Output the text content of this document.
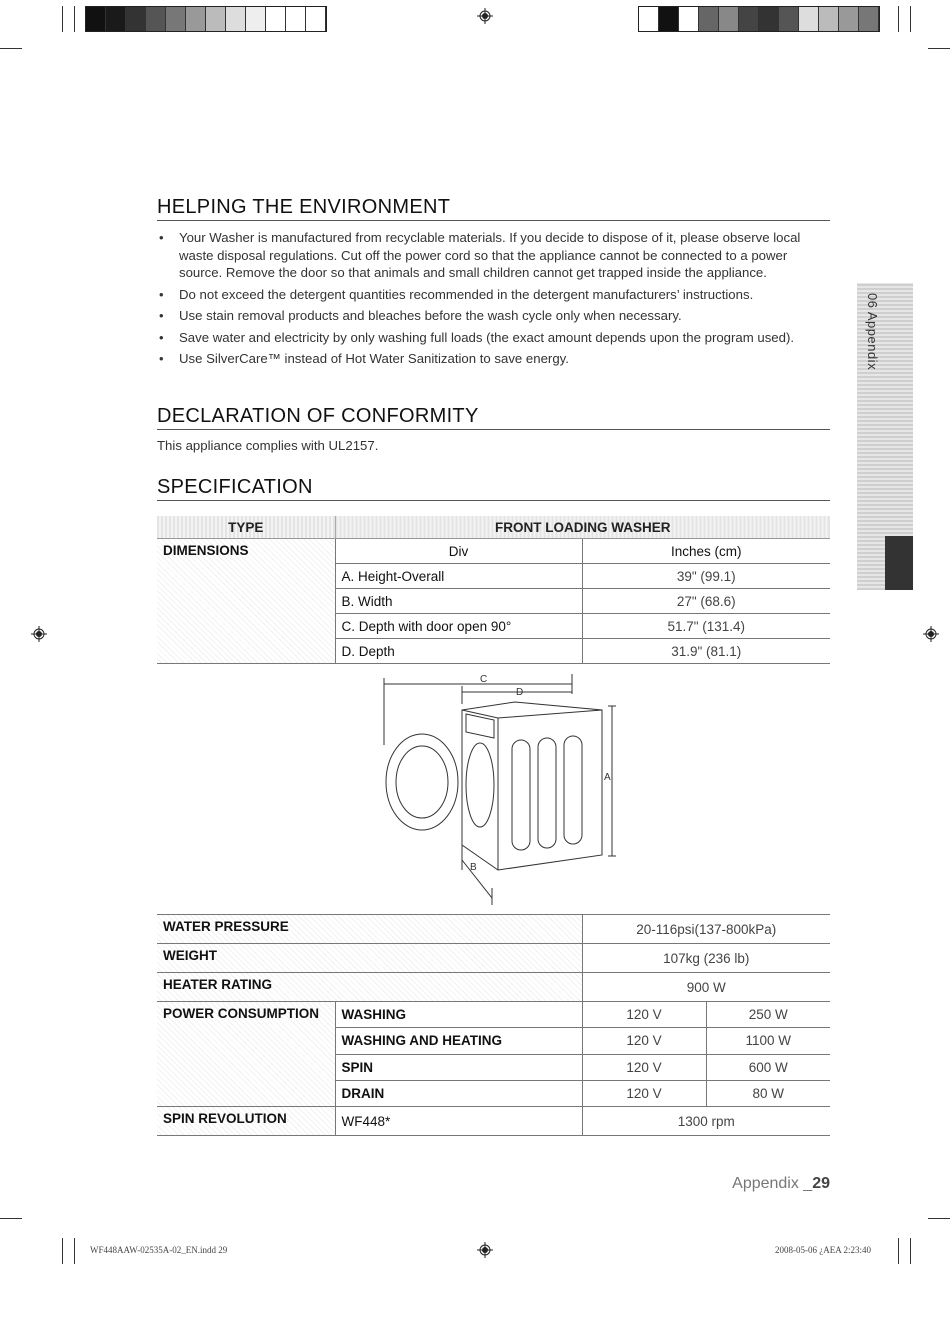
06 Appendix
HELPING THE ENVIRONMENT
• Your Washer is manufactured from recyclable materials. If you decide to dispose of it, please observe local waste disposal regulations. Cut off the power cord so that the appliance cannot be connected to a power source. Remove the door so that animals and small children cannot get trapped inside the appliance.
• Do not exceed the detergent quantities recommended in the detergent manufacturers’ instructions.
• Use stain removal products and bleaches before the wash cycle only when necessary.
• Save water and electricity by only washing full loads (the exact amount depends upon the program used).
• Use SilverCare™ instead of Hot Water Sanitization to save energy.
DECLARATION OF CONFORMITY
This appliance complies with UL2157.
SPECIFICATION
TYPE	FRONT LOADING WASHER	
DIMENSIONS	Div	Inches (cm)
	A. Height-Overall	39" (99.1)
	B. Width	27" (68.6)
	C. Depth with door open 90°	51.7" (131.4)
	D. Depth	31.9" (81.1)
C
D
A
B
WATER PRESSURE		20-116psi(137-800kPa)	
WEIGHT		107kg (236 lb)	
HEATER RATING		900 W	
POWER CONSUMPTION	WASHING	120 V	250 W
	WASHING AND HEATING	120 V	1100 W
	SPIN	120 V	600 W
	DRAIN	120 V	80 W
SPIN REVOLUTION	WF448*	1300 rpm	
Appendix _29
WF448AAW-02535A-02_EN.indd 29	2008-05-06 ¿AEA 2:23:40
